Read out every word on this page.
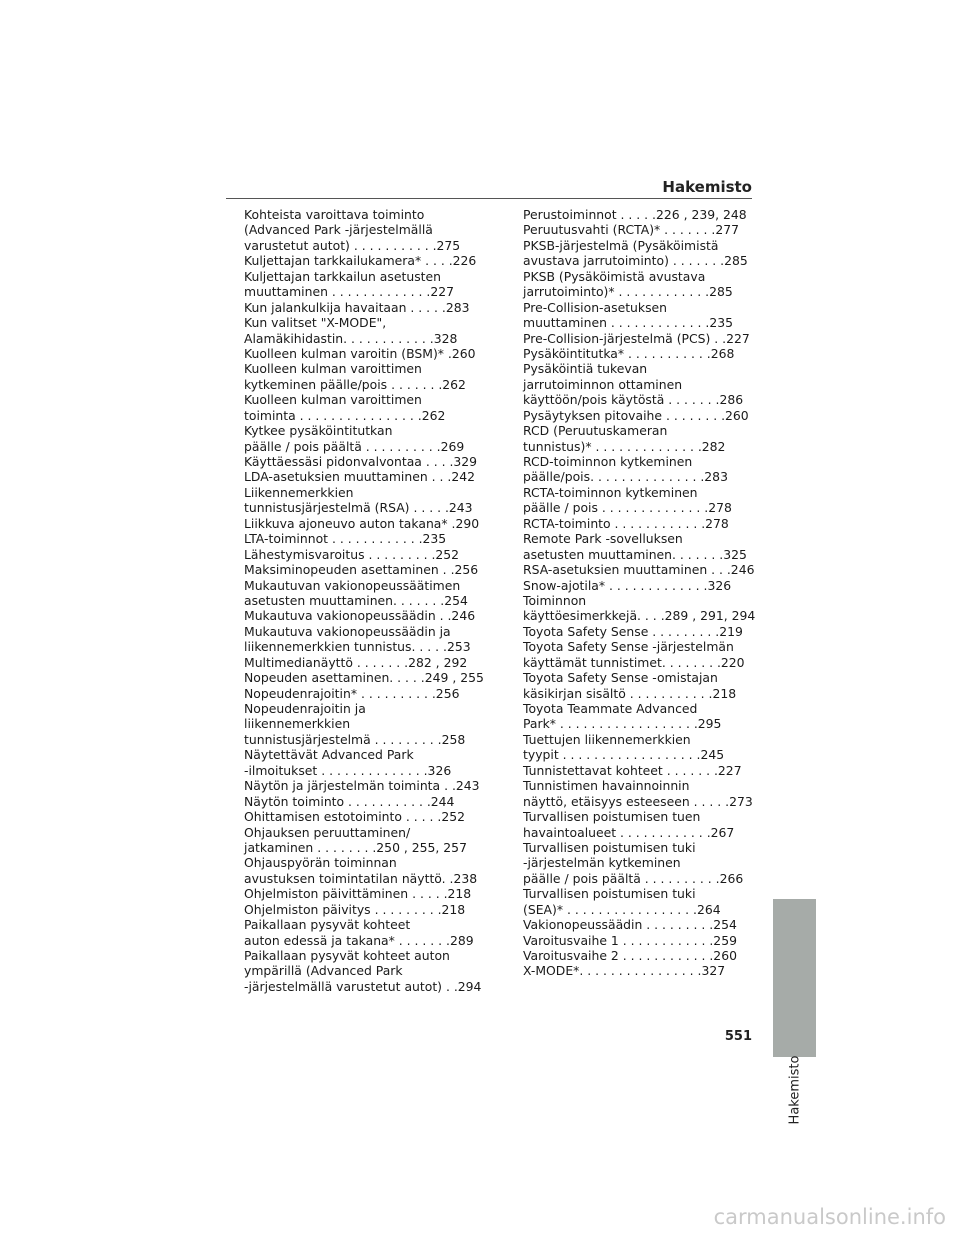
Hakemisto
Kohteista varoittava toiminto
(Advanced Park -järjestelmällä
varustetut autot) . . . . . . . . . . .275
Kuljettajan tarkkailukamera* . . . .226
Kuljettajan tarkkailun asetusten
muuttaminen . . . . . . . . . . . . .227
Kun jalankulkija havaitaan . . . . .283
Kun valitset "X-MODE",
Alamäkihidastin. . . . . . . . . . . .328
Kuolleen kulman varoitin (BSM)* .260
Kuolleen kulman varoittimen
kytkeminen päälle/pois . . . . . . .262
Kuolleen kulman varoittimen
toiminta . . . . . . . . . . . . . . . .262
Kytkee pysäköintitutkan
päälle / pois päältä . . . . . . . . . .269
Käyttäessäsi pidonvalvontaa . . . .329
LDA-asetuksien muuttaminen . . .242
Liikennemerkkien
tunnistusjärjestelmä (RSA) . . . . .243
Liikkuva ajoneuvo auton takana* .290
LTA-toiminnot . . . . . . . . . . . .235
Lähestymisvaroitus . . . . . . . . .252
Maksiminopeuden asettaminen . .256
Mukautuvan vakionopeussäätimen
asetusten muuttaminen. . . . . . .254
Mukautuva vakionopeussäädin . .246
Mukautuva vakionopeussäädin ja
liikennemerkkien tunnistus. . . . .253
Multimedianäyttö . . . . . . .282 , 292
Nopeuden asettaminen. . . . .249 , 255
Nopeudenrajoitin* . . . . . . . . . .256
Nopeudenrajoitin ja
liikennemerkkien
tunnistusjärjestelmä . . . . . . . . .258
Näytettävät Advanced Park
-ilmoitukset . . . . . . . . . . . . . .326
Näytön ja järjestelmän toiminta . .243
Näytön toiminto . . . . . . . . . . .244
Ohittamisen estotoiminto . . . . .252
Ohjauksen peruuttaminen/
jatkaminen . . . . . . . .250 , 255, 257
Ohjauspyörän toiminnan
avustuksen toimintatilan näyttö. .238
Ohjelmiston päivittäminen . . . . .218
Ohjelmiston päivitys . . . . . . . . .218
Paikallaan pysyvät kohteet
auton edessä ja takana* . . . . . . .289
Paikallaan pysyvät kohteet auton
ympärillä (Advanced Park
-järjestelmällä varustetut autot) . .294
Perustoiminnot . . . . .226 , 239, 248
Peruutusvahti (RCTA)* . . . . . . .277
PKSB-järjestelmä (Pysäköimistä
avustava jarrutoiminto) . . . . . . .285
PKSB (Pysäköimistä avustava
jarrutoiminto)* . . . . . . . . . . . .285
Pre-Collision-asetuksen
muuttaminen . . . . . . . . . . . . .235
Pre-Collision-järjestelmä (PCS) . .227
Pysäköintitutka* . . . . . . . . . . .268
Pysäköintiä tukevan
jarrutoiminnon ottaminen
käyttöön/pois käytöstä . . . . . . .286
Pysäytyksen pitovaihe . . . . . . . .260
RCD (Peruutuskameran
tunnistus)* . . . . . . . . . . . . . .282
RCD-toiminnon kytkeminen
päälle/pois. . . . . . . . . . . . . . .283
RCTA-toiminnon kytkeminen
päälle / pois . . . . . . . . . . . . . .278
RCTA-toiminto . . . . . . . . . . . .278
Remote Park -sovelluksen
asetusten muuttaminen. . . . . . .325
RSA-asetuksien muuttaminen . . .246
Snow-ajotila* . . . . . . . . . . . . .326
Toiminnon
käyttöesimerkkejä. . . .289 , 291, 294
Toyota Safety Sense . . . . . . . . .219
Toyota Safety Sense -järjestelmän
käyttämät tunnistimet. . . . . . . .220
Toyota Safety Sense -omistajan
käsikirjan sisältö . . . . . . . . . . .218
Toyota Teammate Advanced
Park* . . . . . . . . . . . . . . . . . .295
Tuettujen liikennemerkkien
tyypit . . . . . . . . . . . . . . . . . .245
Tunnistettavat kohteet . . . . . . .227
Tunnistimen havainnoinnin
näyttö, etäisyys esteeseen . . . . .273
Turvallisen poistumisen tuen
havaintoalueet . . . . . . . . . . . .267
Turvallisen poistumisen tuki
-järjestelmän kytkeminen
päälle / pois päältä . . . . . . . . . .266
Turvallisen poistumisen tuki
(SEA)* . . . . . . . . . . . . . . . . .264
Vakionopeussäädin . . . . . . . . .254
Varoitusvaihe 1 . . . . . . . . . . . .259
Varoitusvaihe 2 . . . . . . . . . . . .260
X-MODE*. . . . . . . . . . . . . . . .327
Hakemisto
551
carmanualsonline.info
